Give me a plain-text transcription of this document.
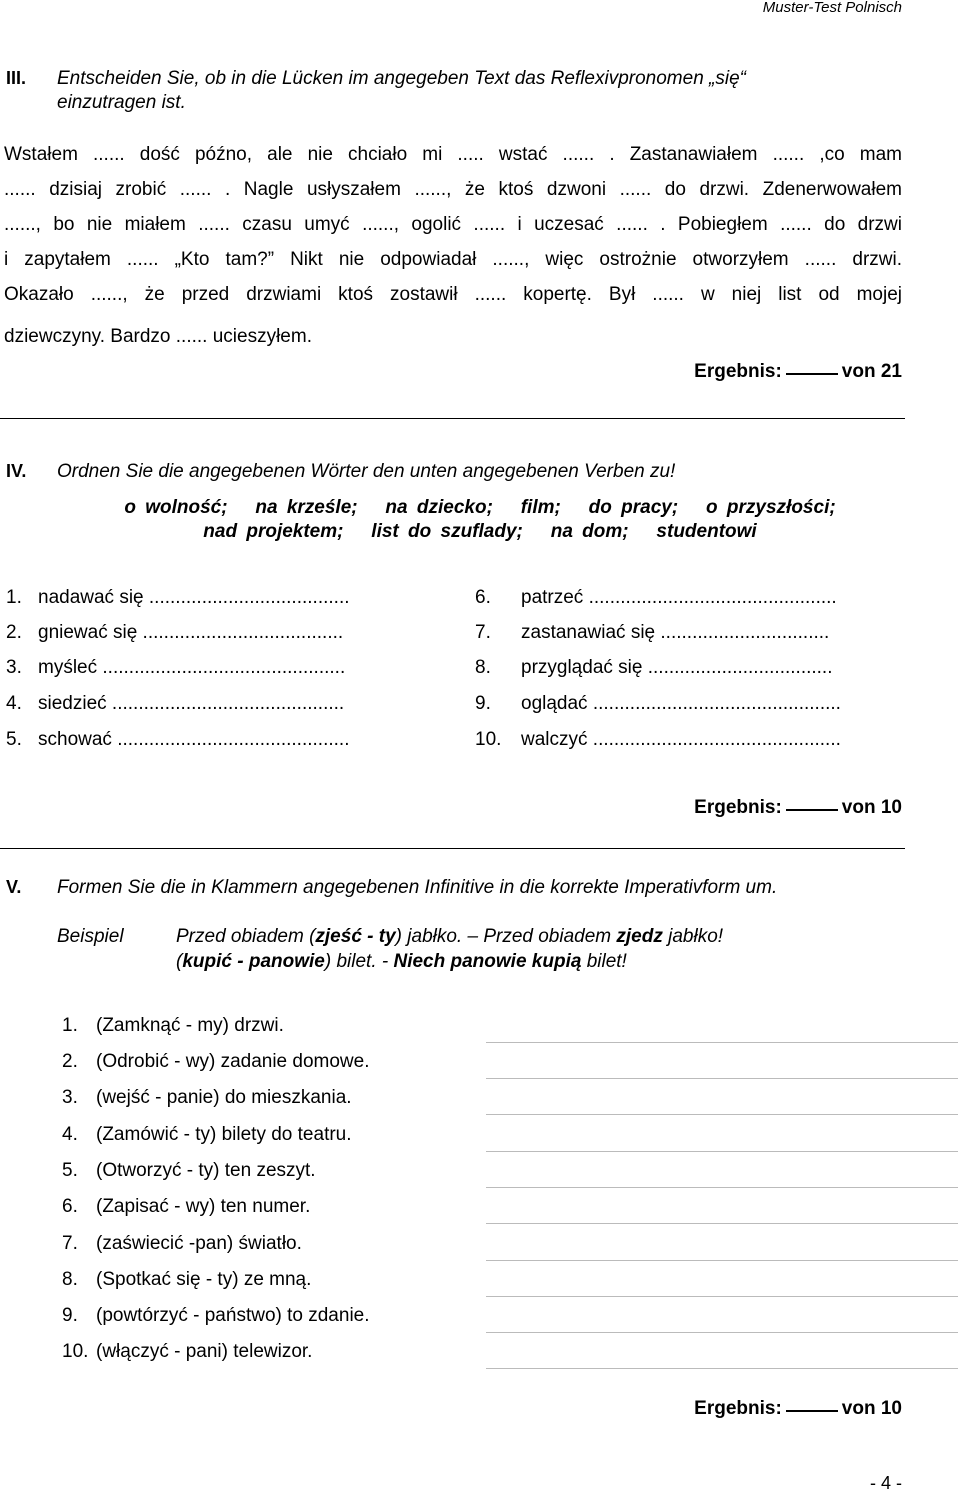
Muster-Test Polnisch
III. Entscheiden Sie, ob in die Lücken im angegeben Text das Reflexivpronomen „się“
einzutragen ist.
Wstałem ...... dość późno, ale nie chciało mi ..... wstać ...... . Zastanawiałem ...... ,co mam
...... dzisiaj zrobić ...... . Nagle usłyszałem ......, że ktoś dzwoni ...... do drzwi. Zdenerwowałem
......, bo nie miałem ...... czasu umyć ......, ogolić ...... i uczesać ...... . Pobiegłem ...... do drzwi
i zapytałem ...... „Kto tam?” Nikt nie odpowiadał ......, więc ostrożnie otworzyłem ...... drzwi.
Okazało ......, że przed drzwiami ktoś zostawił ...... kopertę. Był ...... w niej list od mojej
dziewczyny. Bardzo ...... ucieszyłem.
Ergebnis:	von 21
IV. Ordnen Sie die angegebenen Wörter den unten angegebenen Verben zu!
o wolność;   na krześle;   na dziecko;   film;   do pracy;   o przyszłości;
nad projektem;   list do szuflady;   na dom;   studentowi
1. nadawać się ......................................
2. gniewać się ......................................
3. myśleć ..............................................
4. siedzieć ............................................
5. schować ............................................
6. patrzeć ...............................................
7. zastanawiać się ................................
8. przyglądać się ...................................
9. oglądać ...............................................
10. walczyć ...............................................
Ergebnis:	von 10
V. Formen Sie die in Klammern angegebenen Infinitive in die korrekte Imperativform um.
Beispiel	Przed obiadem (zjeść - ty) jabłko. – Przed obiadem zjedz jabłko!
(kupić - panowie) bilet. - Niech panowie kupią bilet!
1. (Zamknąć - my) drzwi.
2. (Odrobić - wy) zadanie domowe.
3. (wejść - panie) do mieszkania.
4. (Zamówić - ty) bilety do teatru.
5. (Otworzyć - ty) ten zeszyt.
6. (Zapisać - wy) ten numer.
7. (zaświecić -pan) światło.
8. (Spotkać się - ty) ze mną.
9. (powtórzyć - państwo) to zdanie.
10. (włączyć - pani) telewizor.
Ergebnis:	von 10
- 4 -
